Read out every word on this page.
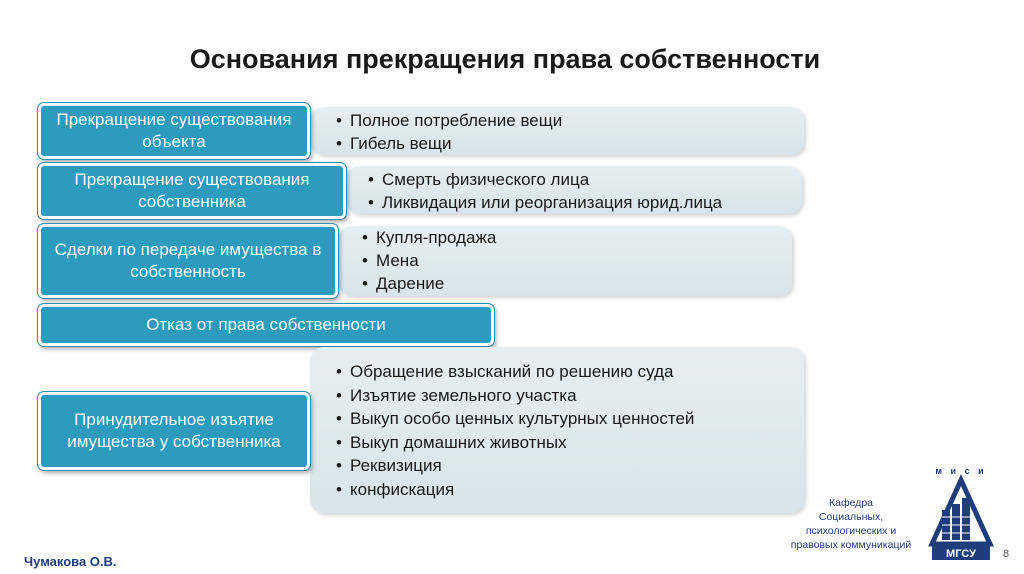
Основания прекращения права собственности
• Полное потребление вещи
• Гибель вещи
Прекращение существования объекта
• Смерть физического лица
• Ликвидация или реорганизация юрид.лица
Прекращение существования собственника
• Купля-продажа
• Мена
• Дарение
Сделки по передаче имущества в собственность
Отказ от права собственности
• Обращение взысканий по решению суда
• Изъятие земельного участка
• Выкуп особо ценных культурных ценностей
• Выкуп домашних животных
• Реквизиция
• конфискация
Принудительное изъятие имущества у собственника
Чумакова О.В.
Кафедра
Социальных,
психологических и
правовых коммуникаций
8
м и с и
МГСУ
